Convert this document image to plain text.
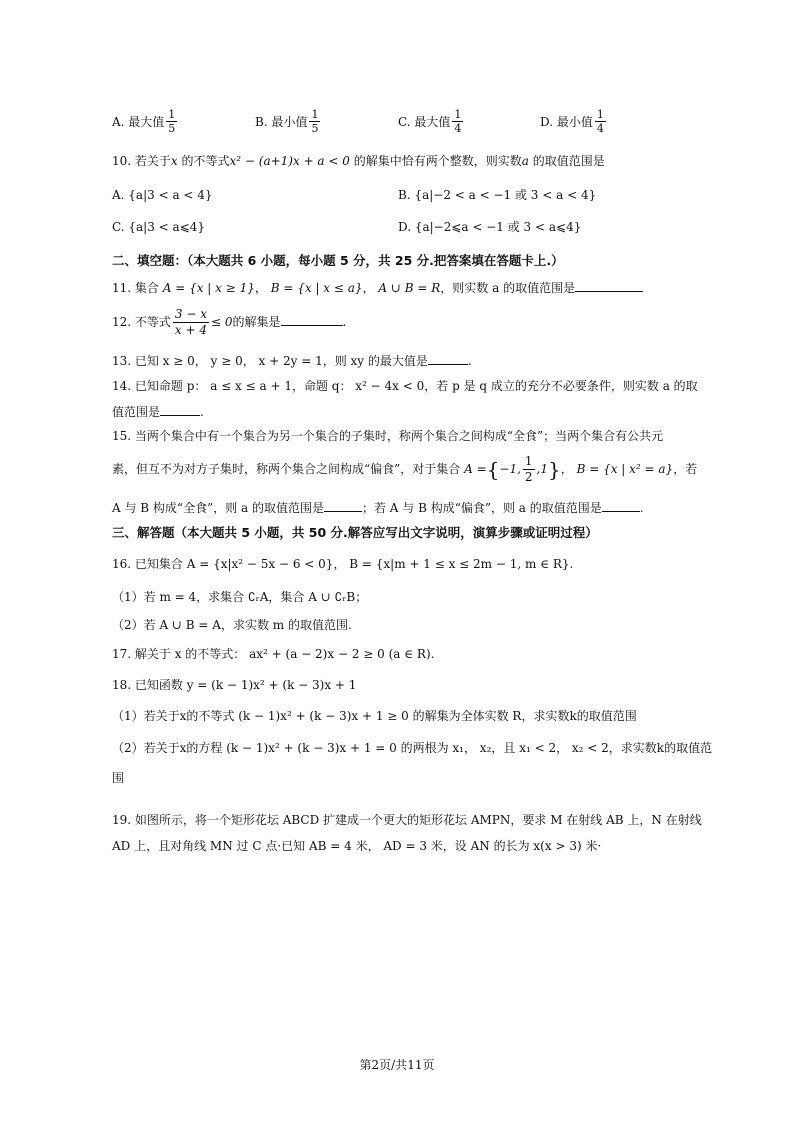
A. 最大值 $\frac{1}{5}$	B. 最小值 $\frac{1}{5}$	C. 最大值 $\frac{1}{4}$	D. 最小值 $\frac{1}{4}$
10. 若关于x 的不等式x² − (a+1)x + a < 0 的解集中恰有两个整数，则实数a 的取值范围是
A. {a|3 < a < 4}	B. {a|−2 < a < −1 或 3 < a < 4}
C. {a|3 < a⩽4}	D. {a|−2⩽a < −1 或 3 < a⩽4}
二、填空题：（本大题共 6 小题，每小题 5 分，共 25 分.把答案填在答题卡上.）
11. 集合 A = {x | x ≥ 1}， B = {x | x ≤ a}， A ∪ B = R，则实数 a 的取值范围是
12. 不等式 $\frac{3 - x}{x + 4} \le 0$的解集是	.
13. 已知 x ≥ 0， y ≥ 0， x + 2y = 1，则 xy 的最大值是	.
14. 已知命题 p： a ≤ x ≤ a + 1，命题 q： x² − 4x < 0，若 p 是 q 成立的充分不必要条件，则实数 a 的取
值范围是	.
15. 当两个集合中有一个集合为另一个集合的子集时，称两个集合之间构成“全食”；当两个集合有公共元
素，但互不为对方子集时，称两个集合之间构成“偏食”，对于集合 A ={−1, $\frac{1}{2} ,1$}， B = {x | x² = a}，若
A 与 B 构成“全食”，则 a 的取值范围是	；若 A 与 B 构成“偏食”，则 a 的取值范围是	.
三、解答题（本大题共 5 小题，共 50 分.解答应写出文字说明，演算步骤或证明过程）
16. 已知集合 A = {x|x² − 5x − 6 < 0}， B = {x|m + 1 ≤ x ≤ 2m − 1, m ∈ R}.
（1）若 m = 4，求集合 ∁ᵣA，集合 A ∪ ∁ᵣB；
（2）若 A ∪ B = A，求实数 m 的取值范围.
17. 解关于 x 的不等式： ax² + (a − 2)x − 2 ≥ 0 (a ∈ R).
18. 已知函数 y = (k − 1)x² + (k − 3)x + 1
（1）若关于x的不等式 (k − 1)x² + (k − 3)x + 1 ≥ 0 的解集为全体实数 R，求实数k的取值范围
（2）若关于x的方程 (k − 1)x² + (k − 3)x + 1 = 0 的两根为 x₁， x₂，且 x₁ < 2， x₂ < 2，求实数k的取值范
围
19. 如图所示，将一个矩形花坛 ABCD 扩建成一个更大的矩形花坛 AMPN，要求 M 在射线 AB 上，N 在射线
AD 上，且对角线 MN 过 C 点·已知 AB = 4 米， AD = 3 米，设 AN 的长为 x(x > 3) 米·
第2页/共11页
